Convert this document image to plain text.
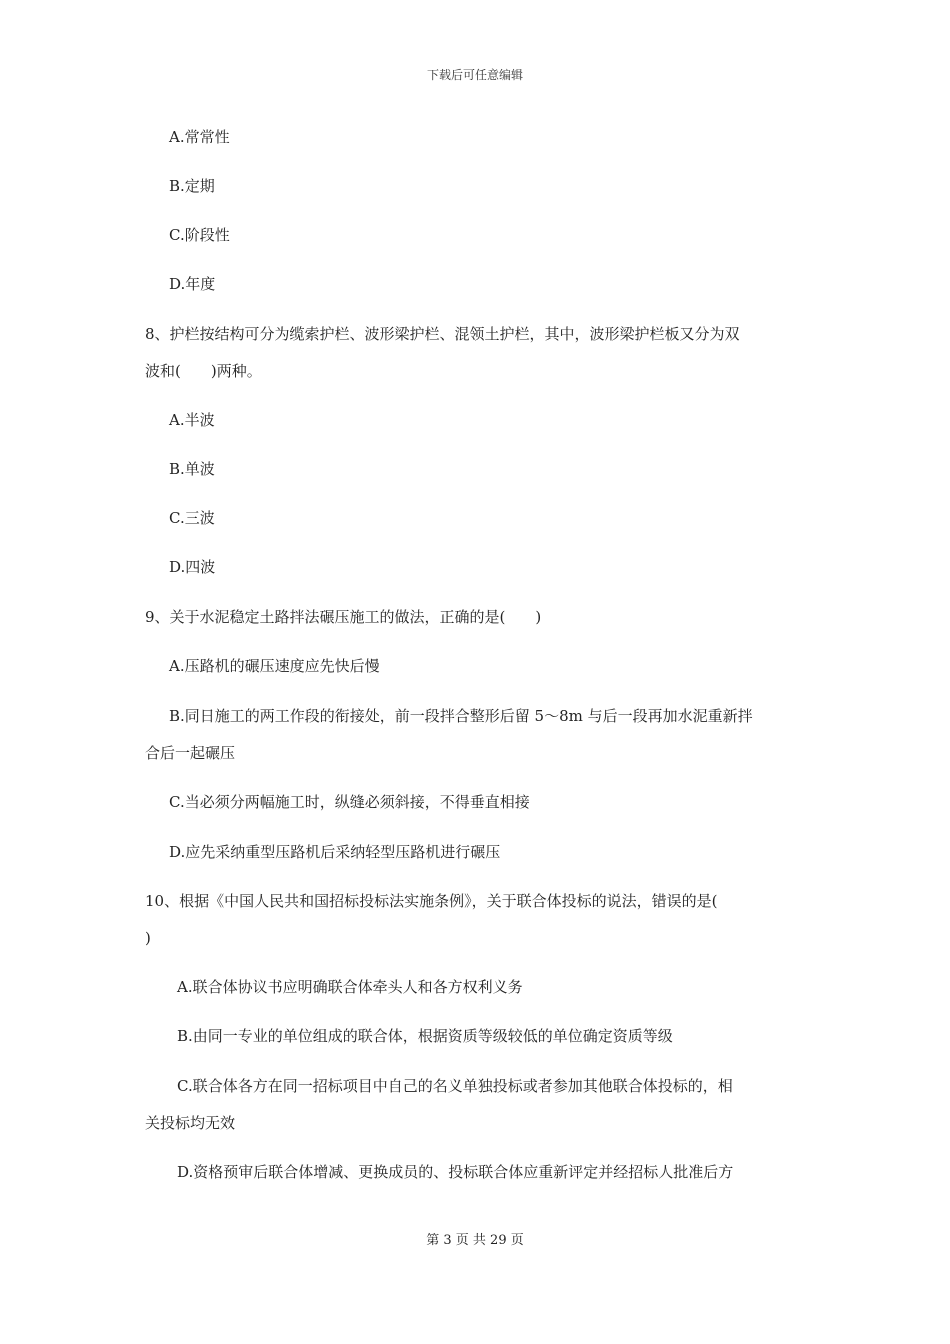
下载后可任意编辑
A.常常性
B.定期
C.阶段性
D.年度
8、护栏按结构可分为缆索护栏、波形梁护栏、混领土护栏，其中，波形梁护栏板又分为双
波和(　　)两种。
A.半波
B.单波
C.三波
D.四波
9、关于水泥稳定土路拌法碾压施工的做法，正确的是(　　)
A.压路机的碾压速度应先快后慢
B.同日施工的两工作段的衔接处，前一段拌合整形后留 5～8m 与后一段再加水泥重新拌
合后一起碾压
C.当必须分两幅施工时，纵缝必须斜接，不得垂直相接
D.应先采纳重型压路机后采纳轻型压路机进行碾压
10、根据《中国人民共和国招标投标法实施条例》，关于联合体投标的说法，错误的是(
)
A.联合体协议书应明确联合体牵头人和各方权利义务
B.由同一专业的单位组成的联合体，根据资质等级较低的单位确定资质等级
C.联合体各方在同一招标项目中自己的名义单独投标或者参加其他联合体投标的，相
关投标均无效
D.资格预审后联合体增减、更换成员的、投标联合体应重新评定并经招标人批准后方
第 3 页 共 29 页
